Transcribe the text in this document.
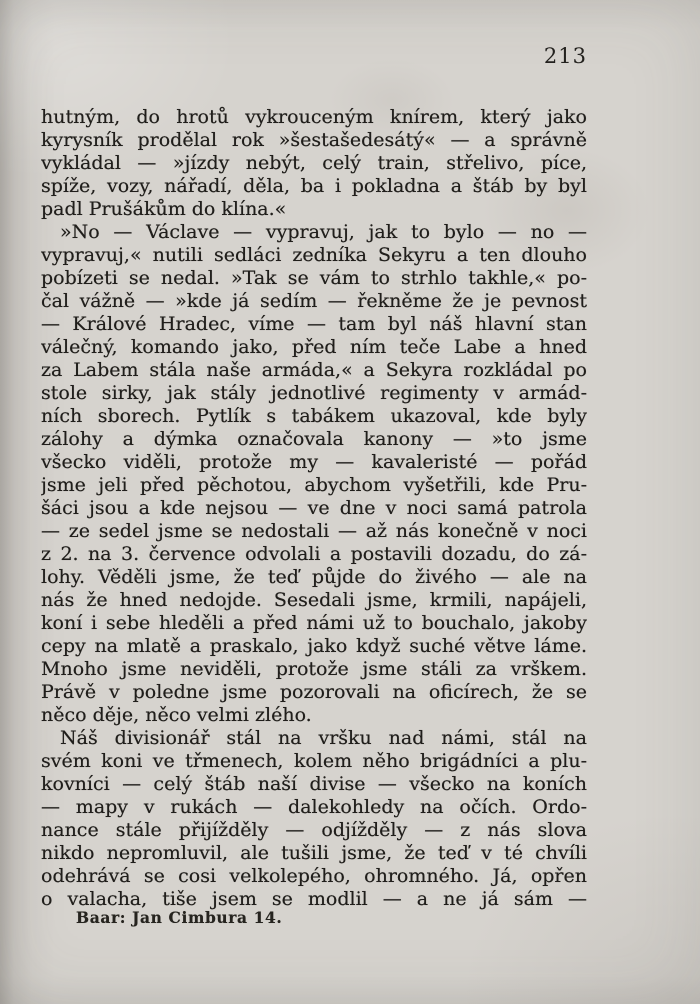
213
hutným, do hrotů vykrouceným knírem, který jako
kyrysník prodělal rok »šestašedesátý« — a správně
vykládal — »jízdy nebýt, celý train, střelivo, píce,
spíže, vozy, nářadí, děla, ba i pokladna a štáb by byl
padl Prušákům do klína.«
»No — Václave — vypravuj, jak to bylo — no —
vypravuj,« nutili sedláci zedníka Sekyru a ten dlouho
pobízeti se nedal. »Tak se vám to strhlo takhle,« po-
čal vážně — »kde já sedím — řekněme že je pevnost
— Králové Hradec, víme — tam byl náš hlavní stan
válečný, komando jako, před ním teče Labe a hned
za Labem stála naše armáda,« a Sekyra rozkládal po
stole sirky, jak stály jednotlivé regimenty v armád-
ních sborech. Pytlík s tabákem ukazoval, kde byly
zálohy a dýmka označovala kanony — »to jsme
všecko viděli, protože my — kavaleristé — pořád
jsme jeli před pěchotou, abychom vyšetřili, kde Pru-
šáci jsou a kde nejsou — ve dne v noci samá patrola
— ze sedel jsme se nedostali — až nás konečně v noci
z 2. na 3. července odvolali a postavili dozadu, do zá-
lohy. Věděli jsme, že teď půjde do živého — ale na
nás že hned nedojde. Sesedali jsme, krmili, napájeli,
koní i sebe hleděli a před námi už to bouchalo, jakoby
cepy na mlatě a praskalo, jako když suché větve láme.
Mnoho jsme neviděli, protože jsme stáli za vrškem.
Právě v poledne jsme pozorovali na oficírech, že se
něco děje, něco velmi zlého.
Náš divisionář stál na vršku nad námi, stál na
svém koni ve třmenech, kolem něho brigádníci a plu-
kovníci — celý štáb naší divise — všecko na koních
— mapy v rukách — dalekohledy na očích. Ordo-
nance stále přijížděly — odjížděly — z nás slova
nikdo nepromluvil, ale tušili jsme, že teď v té chvíli
odehrává se cosi velkolepého, ohromného. Já, opřen
o valacha, tiše jsem se modlil — a ne já sám —
Baar: Jan Cimbura 14.
